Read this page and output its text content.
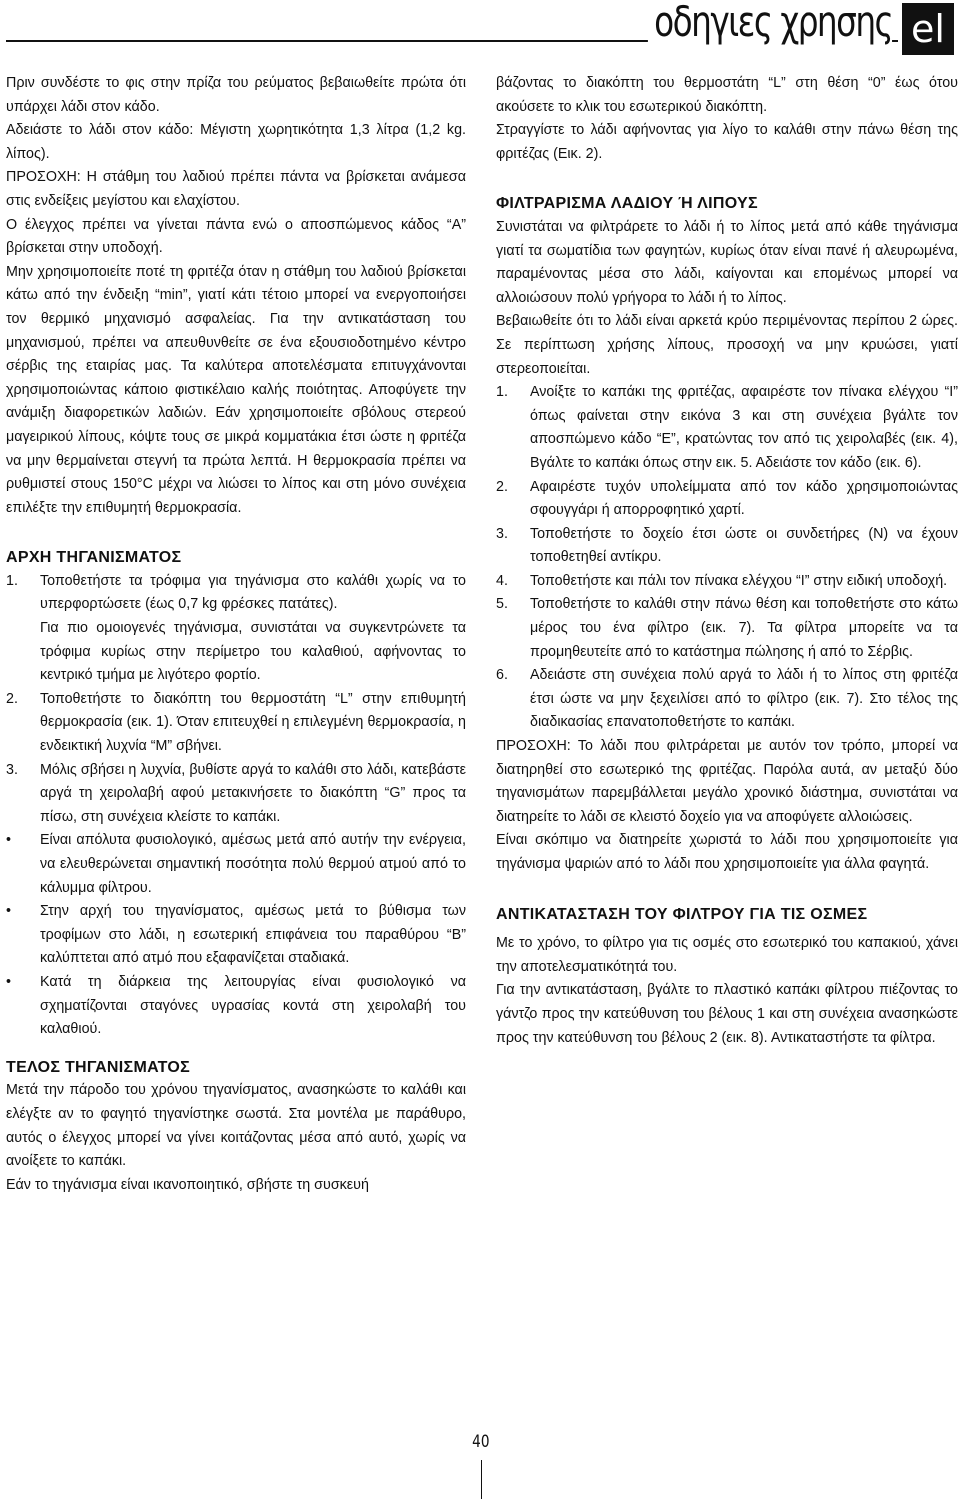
οδηγιες χρησης el

Πριν συνδέστε το φις στην πρίζα του ρεύματος βεβαιωθείτε πρώτα ότι υπάρχει λάδι στον κάδο.

Αδειάστε το λάδι στον κάδο: Μέγιστη χωρητικότητα 1,3 λίτρα (1,2 kg. λίπος).

ΠΡΟΣΟΧΗ: Η στάθμη του λαδιού πρέπει πάντα να βρίσκεται ανάμεσα στις ενδείξεις μεγίστου και ελαχίστου.

Ο έλεγχος πρέπει να γίνεται πάντα ενώ ο αποσπώμενος κάδος “Α” βρίσκεται στην υποδοχή.

Μην χρησιμοποιείτε ποτέ τη φριτέζα όταν η στάθμη του λαδιού βρίσκεται κάτω από την ένδειξη “min”, γιατί κάτι τέτοιο μπορεί να ενεργοποιήσει τον θερμικό μηχανισμό ασφαλείας. Για την αντικατάσταση του μηχανισμού, πρέπει να απευθυνθείτε σε ένα εξουσιοδοτημένο κέντρο σέρβις της εταιρίας μας. Τα καλύτερα αποτελέσματα επιτυγχάνονται χρησιμοποιώντας κάποιο φιστικέλαιο καλής ποιότητας. Αποφύγετε την ανάμιξη διαφορετικών λαδιών. Εάν χρησιμοποιείτε σβόλους στερεού μαγειρικού λίπους, κόψτε τους σε μικρά κομματάκια έτσι ώστε η φριτέζα να μην θερμαίνεται στεγνή τα πρώτα λεπτά. Η θερμοκρασία πρέπει να ρυθμιστεί στους 150°C μέχρι να λιώσει το λίπος και στη μόνο συνέχεια επιλέξτε την επιθυμητή θερμοκρασία.

ΑΡΧΗ ΤΗΓΑΝΙΣΜΑΤΟΣ
1. Τοποθετήστε τα τρόφιμα για τηγάνισμα στο καλάθι χωρίς να το υπερφορτώσετε (έως 0,7 kg φρέσκες πατάτες).
Για πιο ομοιογενές τηγάνισμα, συνιστάται να συγκεντρώνετε τα τρόφιμα κυρίως στην περίμετρο του καλαθιού, αφήνοντας το κεντρικό τμήμα με λιγότερο φορτίο.
2. Τοποθετήστε το διακόπτη του θερμοστάτη “L” στην επιθυμητή θερμοκρασία (εικ. 1). Όταν επιτευχθεί η επιλεγμένη θερμοκρασία, η ενδεικτική λυχνία “M” σβήνει.
3. Μόλις σβήσει η λυχνία, βυθίστε αργά το καλάθι στο λάδι, κατεβάστε αργά τη χειρολαβή αφού μετακινήσετε το διακόπτη “G” προς τα πίσω, στη συνέχεια κλείστε το καπάκι.
• Είναι απόλυτα φυσιολογικό, αμέσως μετά από αυτήν την ενέργεια, να ελευθερώνεται σημαντική ποσότητα πολύ θερμού ατμού από το κάλυμμα φίλτρου.
• Στην αρχή του τηγανίσματος, αμέσως μετά το βύθισμα των τροφίμων στο λάδι, η εσωτερική επιφάνεια του παραθύρου “B” καλύπτεται από ατμό που εξαφανίζεται σταδιακά.
• Κατά τη διάρκεια της λειτουργίας είναι φυσιολογικό να σχηματίζονται σταγόνες υγρασίας κοντά στη χειρολαβή του καλαθιού.
ΤΕΛΟΣ ΤΗΓΑΝΙΣΜΑΤΟΣ

Μετά την πάροδο του χρόνου τηγανίσματος, ανασηκώστε το καλάθι και ελέγξτε αν το φαγητό τηγανίστηκε σωστά. Στα μοντέλα με παράθυρο, αυτός ο έλεγχος μπορεί να γίνει κοιτάζοντας μέσα από αυτό, χωρίς να ανοίξετε το καπάκι.

Εάν το τηγάνισμα είναι ικανοποιητικό, σβήστε τη συσκευή

βάζοντας το διακόπτη του θερμοστάτη “L” στη θέση “0” έως ότου ακούσετε το κλικ του εσωτερικού διακόπτη.

Στραγγίστε το λάδι αφήνοντας για λίγο το καλάθι στην πάνω θέση της φριτέζας (Εικ. 2).

ΦΙΛΤΡΑΡΙΣΜΑ ΛΑΔΙΟΥ Ή ΛΙΠΟΥΣ

Συνιστάται να φιλτράρετε το λάδι ή το λίπος μετά από κάθε τηγάνισμα γιατί τα σωματίδια των φαγητών, κυρίως όταν είναι πανέ ή αλευρωμένα, παραμένοντας μέσα στο λάδι, καίγονται και επομένως μπορεί να αλλοιώσουν πολύ γρήγορα το λάδι ή το λίπος.

Βεβαιωθείτε ότι το λάδι είναι αρκετά κρύο περιμένοντας περίπου 2 ώρες. Σε περίπτωση χρήσης λίπους, προσοχή να μην κρυώσει, γιατί στερεοποιείται.

1. Ανοίξτε το καπάκι της φριτέζας, αφαιρέστε τον πίνακα ελέγχου “I” όπως φαίνεται στην εικόνα 3 και στη συνέχεια βγάλτε τον αποσπώμενο κάδο “E”, κρατώντας τον από τις χειρολαβές (εικ. 4), Βγάλτε το καπάκι όπως στην εικ. 5. Αδειάστε τον κάδο (εικ. 6).
2. Αφαιρέστε τυχόν υπολείμματα από τον κάδο χρησιμοποιώντας σφουγγάρι ή απορροφητικό χαρτί.
3. Τοποθετήστε το δοχείο έτσι ώστε οι συνδετήρες (N) να έχουν τοποθετηθεί αντίκρυ.
4. Τοποθετήστε και πάλι τον πίνακα ελέγχου “I” στην ειδική υποδοχή.
5. Τοποθετήστε το καλάθι στην πάνω θέση και τοποθετήστε στο κάτω μέρος του ένα φίλτρο (εικ. 7). Τα φίλτρα μπορείτε να τα προμηθευτείτε από το κατάστημα πώλησης ή από το Σέρβις.
6. Αδειάστε στη συνέχεια πολύ αργά το λάδι ή το λίπος στη φριτέζα έτσι ώστε να μην ξεχειλίσει από το φίλτρο (εικ. 7). Στο τέλος της διαδικασίας επανατοποθετήστε το καπάκι.

ΠΡΟΣΟΧΗ: Το λάδι που φιλτράρεται με αυτόν τον τρόπο, μπορεί να διατηρηθεί στο εσωτερικό της φριτέζας. Παρόλα αυτά, αν μεταξύ δύο τηγανισμάτων παρεμβάλλεται μεγάλο χρονικό διάστημα, συνιστάται να διατηρείτε το λάδι σε κλειστό δοχείο για να αποφύγετε αλλοιώσεις.

Είναι σκόπιμο να διατηρείτε χωριστά το λάδι που χρησιμοποιείτε για τηγάνισμα ψαριών από το λάδι που χρησιμοποιείτε για άλλα φαγητά.

ΑΝΤΙΚΑΤΑΣΤΑΣΗ ΤΟΥ ΦΙΛΤΡΟΥ ΓΙΑ ΤΙΣ ΟΣΜΕΣ

Με το χρόνο, το φίλτρο για τις οσμές στο εσωτερικό του καπακιού, χάνει την αποτελεσματικότητά του.

Για την αντικατάσταση, βγάλτε το πλαστικό καπάκι φίλτρου πιέζοντας το γάντζο προς την κατεύθυνση του βέλους 1 και στη συνέχεια ανασηκώστε προς την κατεύθυνση του βέλους 2 (εικ. 8). Αντικαταστήστε τα φίλτρα.

40
